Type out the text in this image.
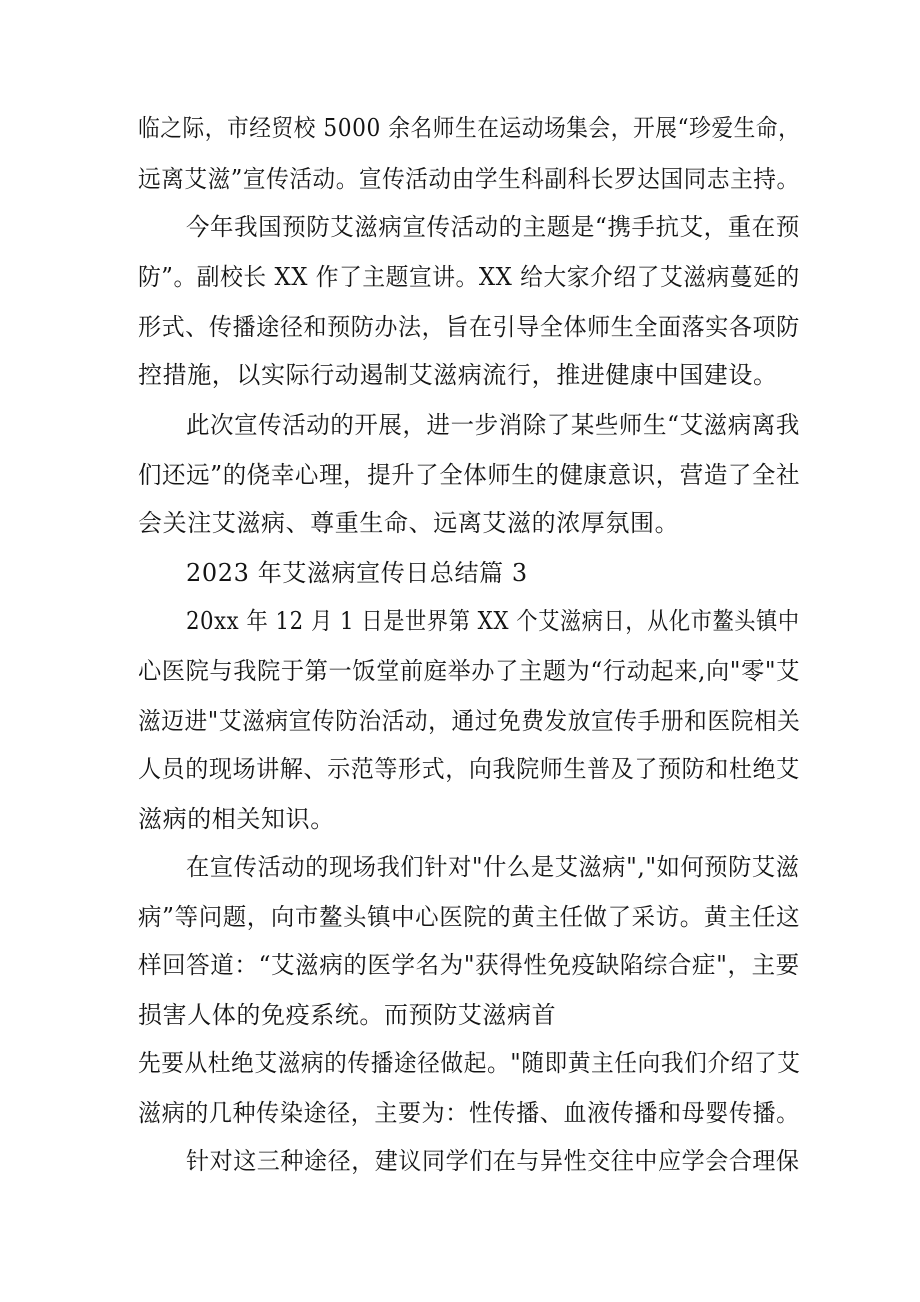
临之际，市经贸校 5000 余名师生在运动场集会，开展“珍爱生命，
远离艾滋”宣传活动。宣传活动由学生科副科长罗达国同志主持。
今年我国预防艾滋病宣传活动的主题是“携手抗艾，重在预
防”。副校长 XX 作了主题宣讲。XX 给大家介绍了艾滋病蔓延的
形式、传播途径和预防办法，旨在引导全体师生全面落实各项防
控措施，以实际行动遏制艾滋病流行，推进健康中国建设。
此次宣传活动的开展，进一步消除了某些师生“艾滋病离我
们还远”的侥幸心理，提升了全体师生的健康意识，营造了全社
会关注艾滋病、尊重生命、远离艾滋的浓厚氛围。
2023 年艾滋病宣传日总结篇 3
20xx 年 12 月 1 日是世界第 XX 个艾滋病日，从化市鳌头镇中
心医院与我院于第一饭堂前庭举办了主题为“行动起来,向"零"艾
滋迈进"艾滋病宣传防治活动，通过免费发放宣传手册和医院相关
人员的现场讲解、示范等形式，向我院师生普及了预防和杜绝艾
滋病的相关知识。
在宣传活动的现场我们针对"什么是艾滋病","如何预防艾滋
病”等问题，向市鳌头镇中心医院的黄主任做了采访。黄主任这
样回答道：“艾滋病的医学名为"获得性免疫缺陷综合症"，主要
损害人体的免疫系统。而预防艾滋病首
先要从杜绝艾滋病的传播途径做起。"随即黄主任向我们介绍了艾
滋病的几种传染途径，主要为：性传播、血液传播和母婴传播。
针对这三种途径，建议同学们在与异性交往中应学会合理保
